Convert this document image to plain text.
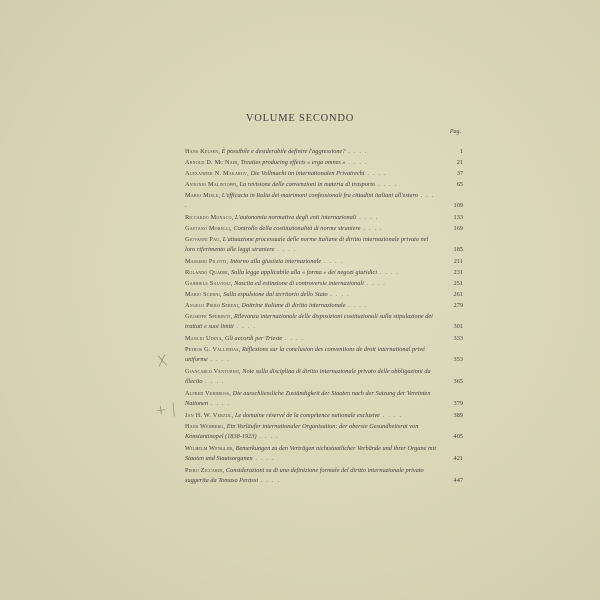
VOLUME SECONDO
Pag.
Hans Kelsen, È possibile e desiderabile definire l'aggressione? . . . .	1
Arnold D. Mc Nair, Treaties producing effects « erga omnes » . . . .	21
Alexander N. Makarov, Die Vollmacht im internationalen Privatrecht . . . .	37
Antonio Malintoppi, La revisione delle convenzioni in materia di trasporto . . . .	65
Mario Miele, L'efficacia in Italia dei matrimoni confessionali fra cittadini italiani all'estero . . . .	109
Riccardo Monaco, L'autonomia normativa degli enti internazionali . . . .	133
Gaetano Morelli, Controllo della costituzionalità di norme straniere . . . .	169
Giovanni Pau, L'attuazione processuale delle norme italiane di diritto internazionale privato nel loro riferimento alle leggi straniere . . . .	185
Massimo Pilotti, Intorno alla giustizia internazionale . . . .	211
Rolando Quadri, Sulla legge applicabile alla « forma » dei negozi giuridici . . . .	231
Gabriele Salvioli, Nascita ed estinzione di controversie internazionali . . . .	251
Mario Scerni, Sulla espulsione dal territorio dello Stato . . . .	261
Angelo Piero Sereni, Dottrine italiane di diritto internazionale . . . .	279
Giuseppe Sperduti, Rilevanza internazionale delle disposizioni costituzionali sulla stipulazione dei trattati e suoi limiti . . . .	301
Manlio Udina, Gli accordi per Trieste . . . .	333
Petros G. Vallindas, Réflexions sur la conclusion des conventions de droit international privé uniforme . . . .	353
Giancarlo Venturini, Note sulla disciplina di diritto internazionale privato delle obbligazioni da illecito . . . .	365
Alfred Verdross, Die ausschliessliche Zuständigkeit der Staaten nach der Satzung der Vereinten Nationen . . . .	379
Jan H. W. Verzijl, Le domaine réservé de la compétence nationale exclusive . . . .	389
Hans Wehberg, Ein Vorläufer internationaler Organisation: der oberste Gesundheitsrat von Konstantinopel (1838-1923) . . . .	405
Wilhelm Wengler, Bemerkungen zu den Verträgen nichtstaatlicher Verbände und ihrer Organe mit Staaten und Staatsorganen . . . .	421
Piero Ziccardi, Considerazioni su di una definizione formale del diritto internazionale privato suggerita da Tomaso Perassi . . . .	447
X
+ |
